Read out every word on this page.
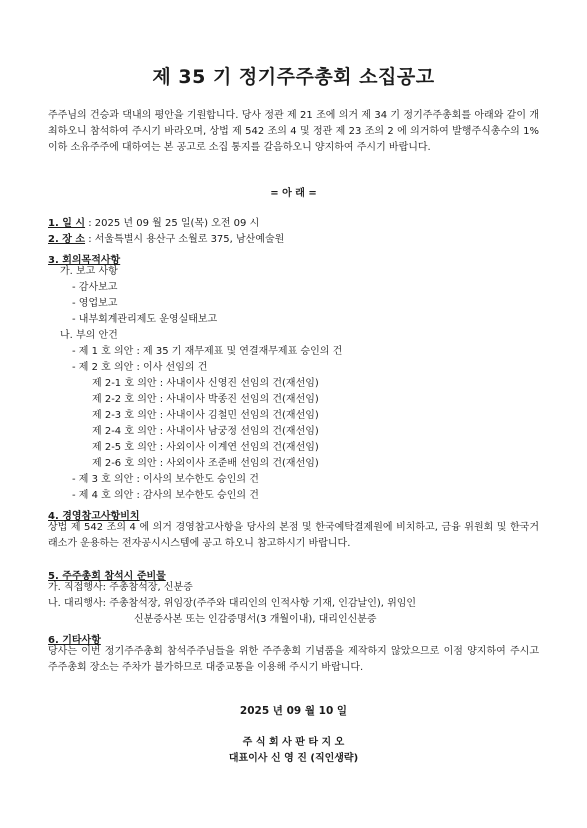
제 35 기 정기주주총회 소집공고
주주님의 건승과 댁내의 평안을 기원합니다. 당사 정관 제 21 조에 의거 제 34 기 정기주주총회를 아래와 같이 개최하오니 참석하여 주시기 바라오며, 상법 제 542 조의 4 및 정관 제 23 조의 2 에 의거하여 발행주식총수의 1% 이하 소유주주에 대하여는 본 공고로 소집 통지를 갈음하오니 양지하여 주시기 바랍니다.
= 아 래 =
1. 일 시 : 2025 년 09 월 25 일(목) 오전 09 시
2. 장 소 : 서울특별시 용산구 소월로 375, 남산예술원
3. 회의목적사항
가. 보고 사항
- 감사보고
- 영업보고
- 내부회계관리제도 운영실태보고
나. 부의 안건
- 제 1 호 의안 : 제 35 기 재무제표 및 연결재무제표 승인의 건
- 제 2 호 의안 : 이사 선임의 건
제 2-1 호 의안 : 사내이사 신영진 선임의 건(재선임)
제 2-2 호 의안 : 사내이사 박종진 선임의 건(재선임)
제 2-3 호 의안 : 사내이사 김철민 선임의 건(재선임)
제 2-4 호 의안 : 사내이사 남궁정 선임의 건(재선임)
제 2-5 호 의안 : 사외이사 이계연 선임의 건(재선임)
제 2-6 호 의안 : 사외이사 조준배 선임의 건(재선임)
- 제 3 호 의안 : 이사의 보수한도 승인의 건
- 제 4 호 의안 : 감사의 보수한도 승인의 건
4. 경영참고사항비치
상법 제 542 조의 4 에 의거 경영참고사항을 당사의 본점 및 한국예탁결제원에 비치하고, 금융 위원회 및 한국거래소가 운용하는 전자공시시스템에 공고 하오니 참고하시기 바랍니다.
5. 주주총회 참석시 준비물
가. 직접행사: 주총참석장, 신분증
나. 대리행사: 주총참석장, 위임장(주주와 대리인의 인적사항 기재, 인감날인), 위임인
신분증사본 또는 인감증명서(3 개월이내), 대리인신분증
6. 기타사항
당사는 이번 정기주주총회 참석주주님들을 위한 주주총회 기념품을 제작하지 않았으므로 이점 양지하여 주시고 주주총회 장소는 주차가 불가하므로 대중교통을 이용해 주시기 바랍니다.
2025 년 09 월 10 일
주 식 회 사 판 타 지 오
대표이사 신 영 진 (직인생략)
